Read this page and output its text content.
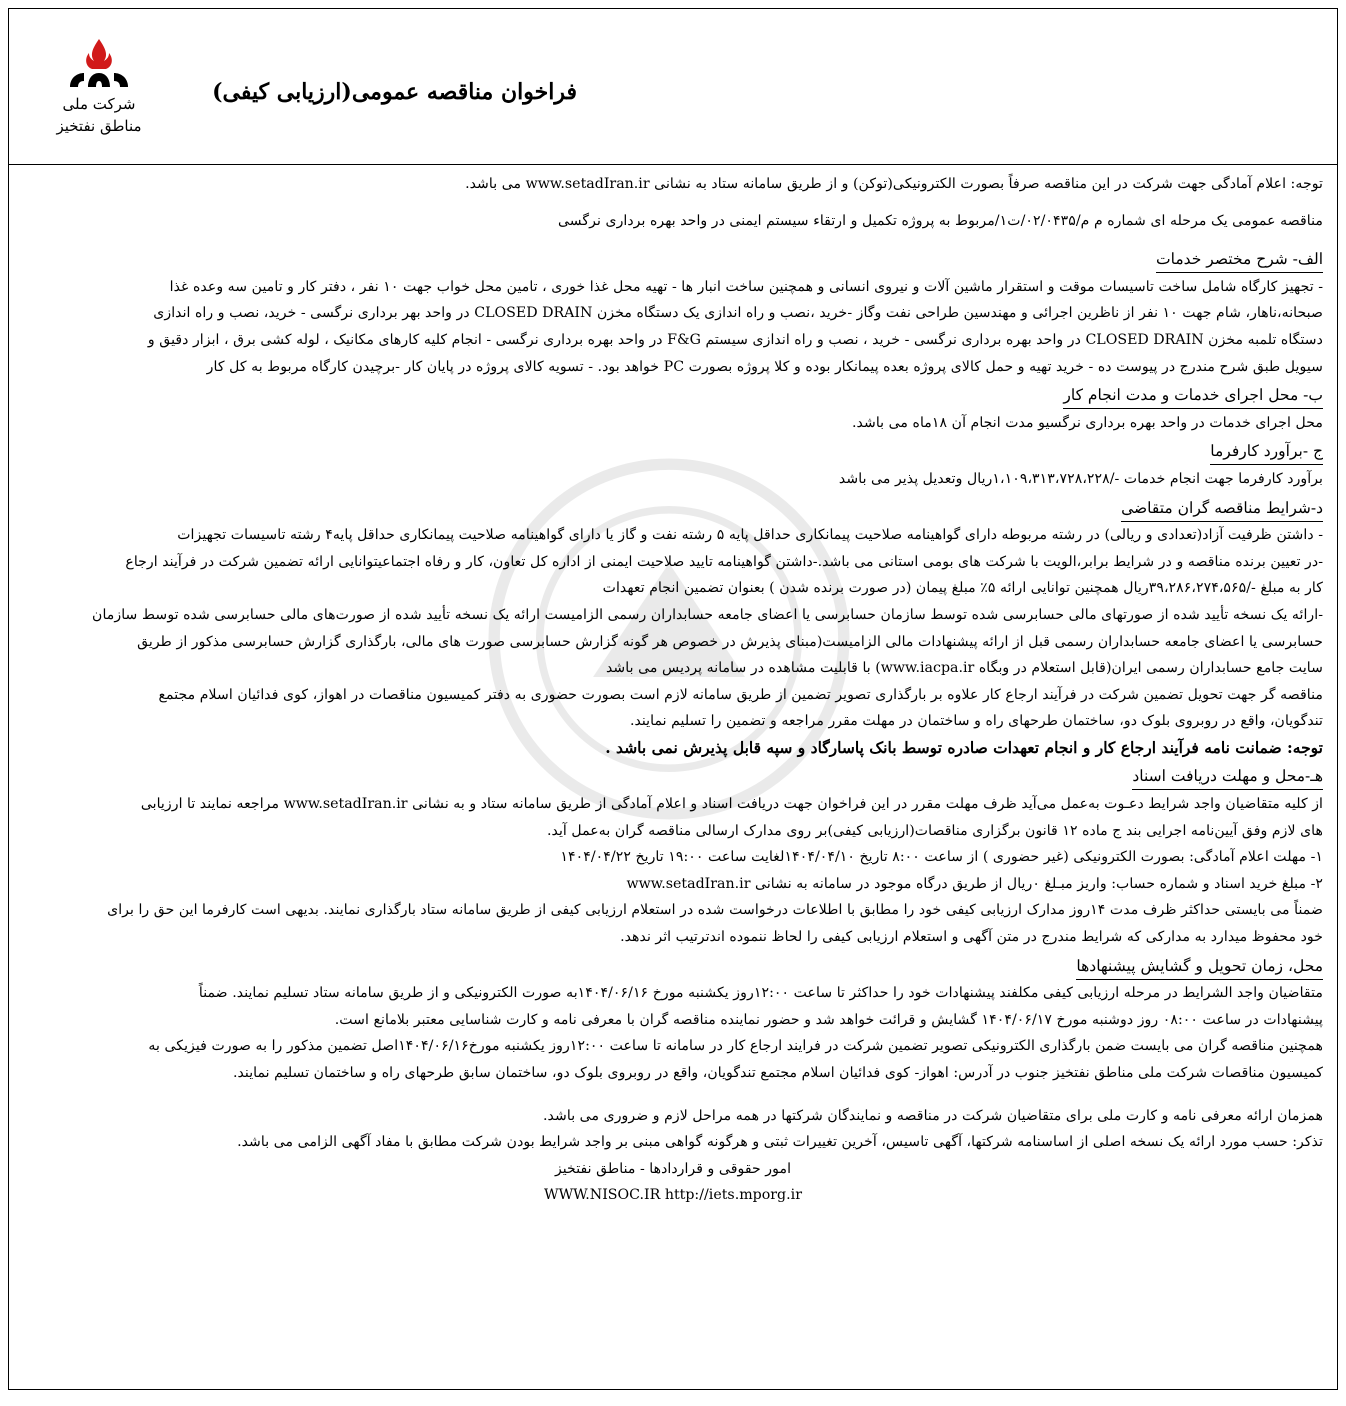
شرکت ملی
مناطق نفتخیز
فراخوان مناقصه عمومی(ارزیابی کیفی)
توجه: اعلام آمادگی جهت شرکت در این مناقصه صرفاً بصورت الکترونیکی(توکن) و از طریق سامانه ستاد به نشانی www.setadIran.ir می باشد.
مناقصه عمومی یک مرحله ای شماره م م/۰۲/۰۴۳۵/ت۱/مربوط به پروژه تکمیل و ارتقاء سیستم ایمنی در واحد بهره برداری نرگسی
الف- شرح مختصر خدمات
- تجهیز کارگاه شامل ساخت تاسیسات موقت و استقرار ماشین آلات و نیروی انسانی و همچنین ساخت انبار ها - تهیه محل غذا خوری ، تامین محل خواب جهت ۱۰ نفر ، دفتر کار و تامین سه وعده غذا
صبحانه،ناهار، شام جهت ۱۰ نفر از ناظرین اجرائی و مهندسین طراحی نفت وگاز -خرید ،نصب و راه اندازی یک دستگاه مخزن CLOSED DRAIN در واحد بهر برداری نرگسی - خرید، نصب و راه اندازی
دستگاه تلمبه مخزن CLOSED DRAIN در واحد بهره برداری نرگسی - خرید ، نصب و راه اندازی سیستم F&G در واحد بهره برداری نرگسی - انجام کلیه کارهای مکانیک ، لوله کشی برق ، ابزار دقیق و
سیویل طبق شرح مندرج در پیوست ده - خرید تهیه و حمل کالای پروژه بعده پیمانکار بوده و کلا پروژه بصورت PC خواهد بود. - تسویه کالای پروژه در پایان کار -برچیدن کارگاه مربوط به کل کار
ب- محل اجرای خدمات و مدت انجام کار
محل اجرای خدمات در واحد بهره برداری نرگسیو مدت انجام آن ۱۸ماه می باشد.
ج -برآورد کارفرما
برآورد کارفرما جهت انجام خدمات -/۱،۱۰۹،۳۱۳،۷۲۸،۲۲۸ریال وتعدیل پذیر می باشد
د-شرایط مناقصه گران متقاضی
- داشتن ظرفیت آزاد(تعدادی و ریالی) در رشته مربوطه دارای گواهینامه صلاحیت پیمانکاری حداقل پایه ۵ رشته نفت و گاز یا دارای گواهینامه صلاحیت پیمانکاری حداقل پایه۴ رشته تاسیسات تجهیزات
-در تعیین برنده مناقصه و در شرایط برابر،الویت با شرکت های بومی استانی می باشد.-داشتن گواهینامه تایید صلاحیت ایمنی از اداره کل تعاون، کار و رفاه اجتماعیتوانایی ارائه تضمین شرکت در فرآیند ارجاع
کار به مبلغ -/۳۹،۲۸۶،۲۷۴،۵۶۵ریال همچنین توانایی ارائه ۵٪ مبلغ پیمان (در صورت برنده شدن ) بعنوان تضمین انجام تعهدات
-ارائه یک نسخه تأیید شده از صورتهای مالی حسابرسی شده توسط سازمان حسابرسی یا اعضای جامعه حسابداران رسمی الزامیست ارائه یک نسخه تأیید شده از صورت‌های مالی حسابرسی شده توسط سازمان
حسابرسی یا اعضای جامعه حسابداران رسمی قبل از ارائه پیشنهادات مالی الزامیست(مبنای پذیرش در خصوص هر گونه گزارش حسابرسی صورت های مالی، بارگذاری گزارش حسابرسی مذکور از طریق
سایت جامع حسابداران رسمی ایران(قابل استعلام در وبگاه www.iacpa.ir) با قابلیت مشاهده در سامانه پردیس می باشد
مناقصه گر جهت تحویل تضمین شرکت در فرآیند ارجاع کار علاوه بر بارگذاری تصویر تضمین از طریق سامانه لازم است بصورت حضوری به دفتر کمیسیون مناقصات در اهواز، کوی فدائیان اسلام مجتمع
تندگویان، واقع در روبروی بلوک دو، ساختمان طرحهای راه و ساختمان در مهلت مقرر مراجعه و تضمین را تسلیم نمایند.
توجه: ضمانت نامه فرآیند ارجاع کار و انجام تعهدات صادره توسط بانک پاسارگاد و سپه قابل پذیرش نمی باشد .
هـ-محل و مهلت دریافت اسناد
از کلیه متقاضیان واجد شرایط دعـوت به‌عمل می‌آید ظرف مهلت مقرر در این فراخوان جهت دریافت اسناد و اعلام آمادگی از طریق سامانه ستاد و به نشانی www.setadIran.ir مراجعه نمایند تا ارزیابی
های لازم وفق آیین‌نامه اجرایی بند ج ماده ۱۲ قانون برگزاری مناقصات(ارزیابی کیفی)بر روی مدارک ارسالی مناقصه گران به‌عمل آید.
۱- مهلت اعلام آمادگی: بصورت الکترونیکی (غیر حضوری ) از ساعت ۸:۰۰ تاریخ ۱۴۰۴/۰۴/۱۰لغایت ساعت ۱۹:۰۰ تاریخ ۱۴۰۴/۰۴/۲۲
۲- مبلغ خرید اسناد و شماره حساب: واریز مبـلغ ۰ریال از طریق درگاه موجود در سامانه به نشانی www.setadIran.ir
ضمناً می بایستی حداکثر ظرف مدت ۱۴روز مدارک ارزیابی کیفی خود را مطابق با اطلاعات درخواست شده در استعلام ارزیابی کیفی از طریق سامانه ستاد بارگذاری نمایند. بدیهی است کارفرما این حق را برای
خود محفوظ میدارد به مدارکی که شرایط مندرج در متن آگهی و استعلام ارزیابی کیفی را لحاظ ننموده اندترتیب اثر ندهد.
محل، زمان تحویل و گشایش پیشنهادها
متقاضیان واجد الشرایط در مرحله ارزیابی کیفی مکلفند پیشنهادات خود را حداکثر تا ساعت ۱۲:۰۰روز یکشنبه مورخ ۱۴۰۴/۰۶/۱۶به صورت الکترونیکی و از طریق سامانه ستاد تسلیم نمایند. ضمناً
پیشنهادات در ساعت ۰۸:۰۰ روز دوشنبه مورخ ۱۴۰۴/۰۶/۱۷ گشایش و قرائت خواهد شد و حضور نماینده مناقصه گران با معرفی نامه و کارت شناسایی معتبر بلامانع است.
همچنین مناقصه گران می بایست ضمن بارگذاری الکترونیکی تصویر تضمین شرکت در فرایند ارجاع کار در سامانه تا ساعت ۱۲:۰۰روز یکشنبه مورخ۱۴۰۴/۰۶/۱۶اصل تضمین مذکور را به صورت فیزیکی به
کمیسیون مناقصات شرکت ملی مناطق نفتخیز جنوب در آدرس: اهواز- کوی فدائیان اسلام مجتمع تندگویان، واقع در روبروی بلوک دو، ساختمان سابق طرحهای راه و ساختمان تسلیم نمایند.
همزمان ارائه معرفی نامه و کارت ملی برای متقاضیان شرکت در مناقصه و نمایندگان شرکتها در همه مراحل لازم و ضروری می باشد.
تذکر: حسب مورد ارائه یک نسخه اصلی از اساسنامه شرکتها، آگهی تاسیس، آخرین تغییرات ثبتی و هرگونه گواهی مبنی بر واجد شرایط بودن شرکت مطابق با مفاد آگهی الزامی می باشد.
امور حقوقی و قراردادها - مناطق نفتخیز
WWW.NISOC.IR http://iets.mporg.ir
